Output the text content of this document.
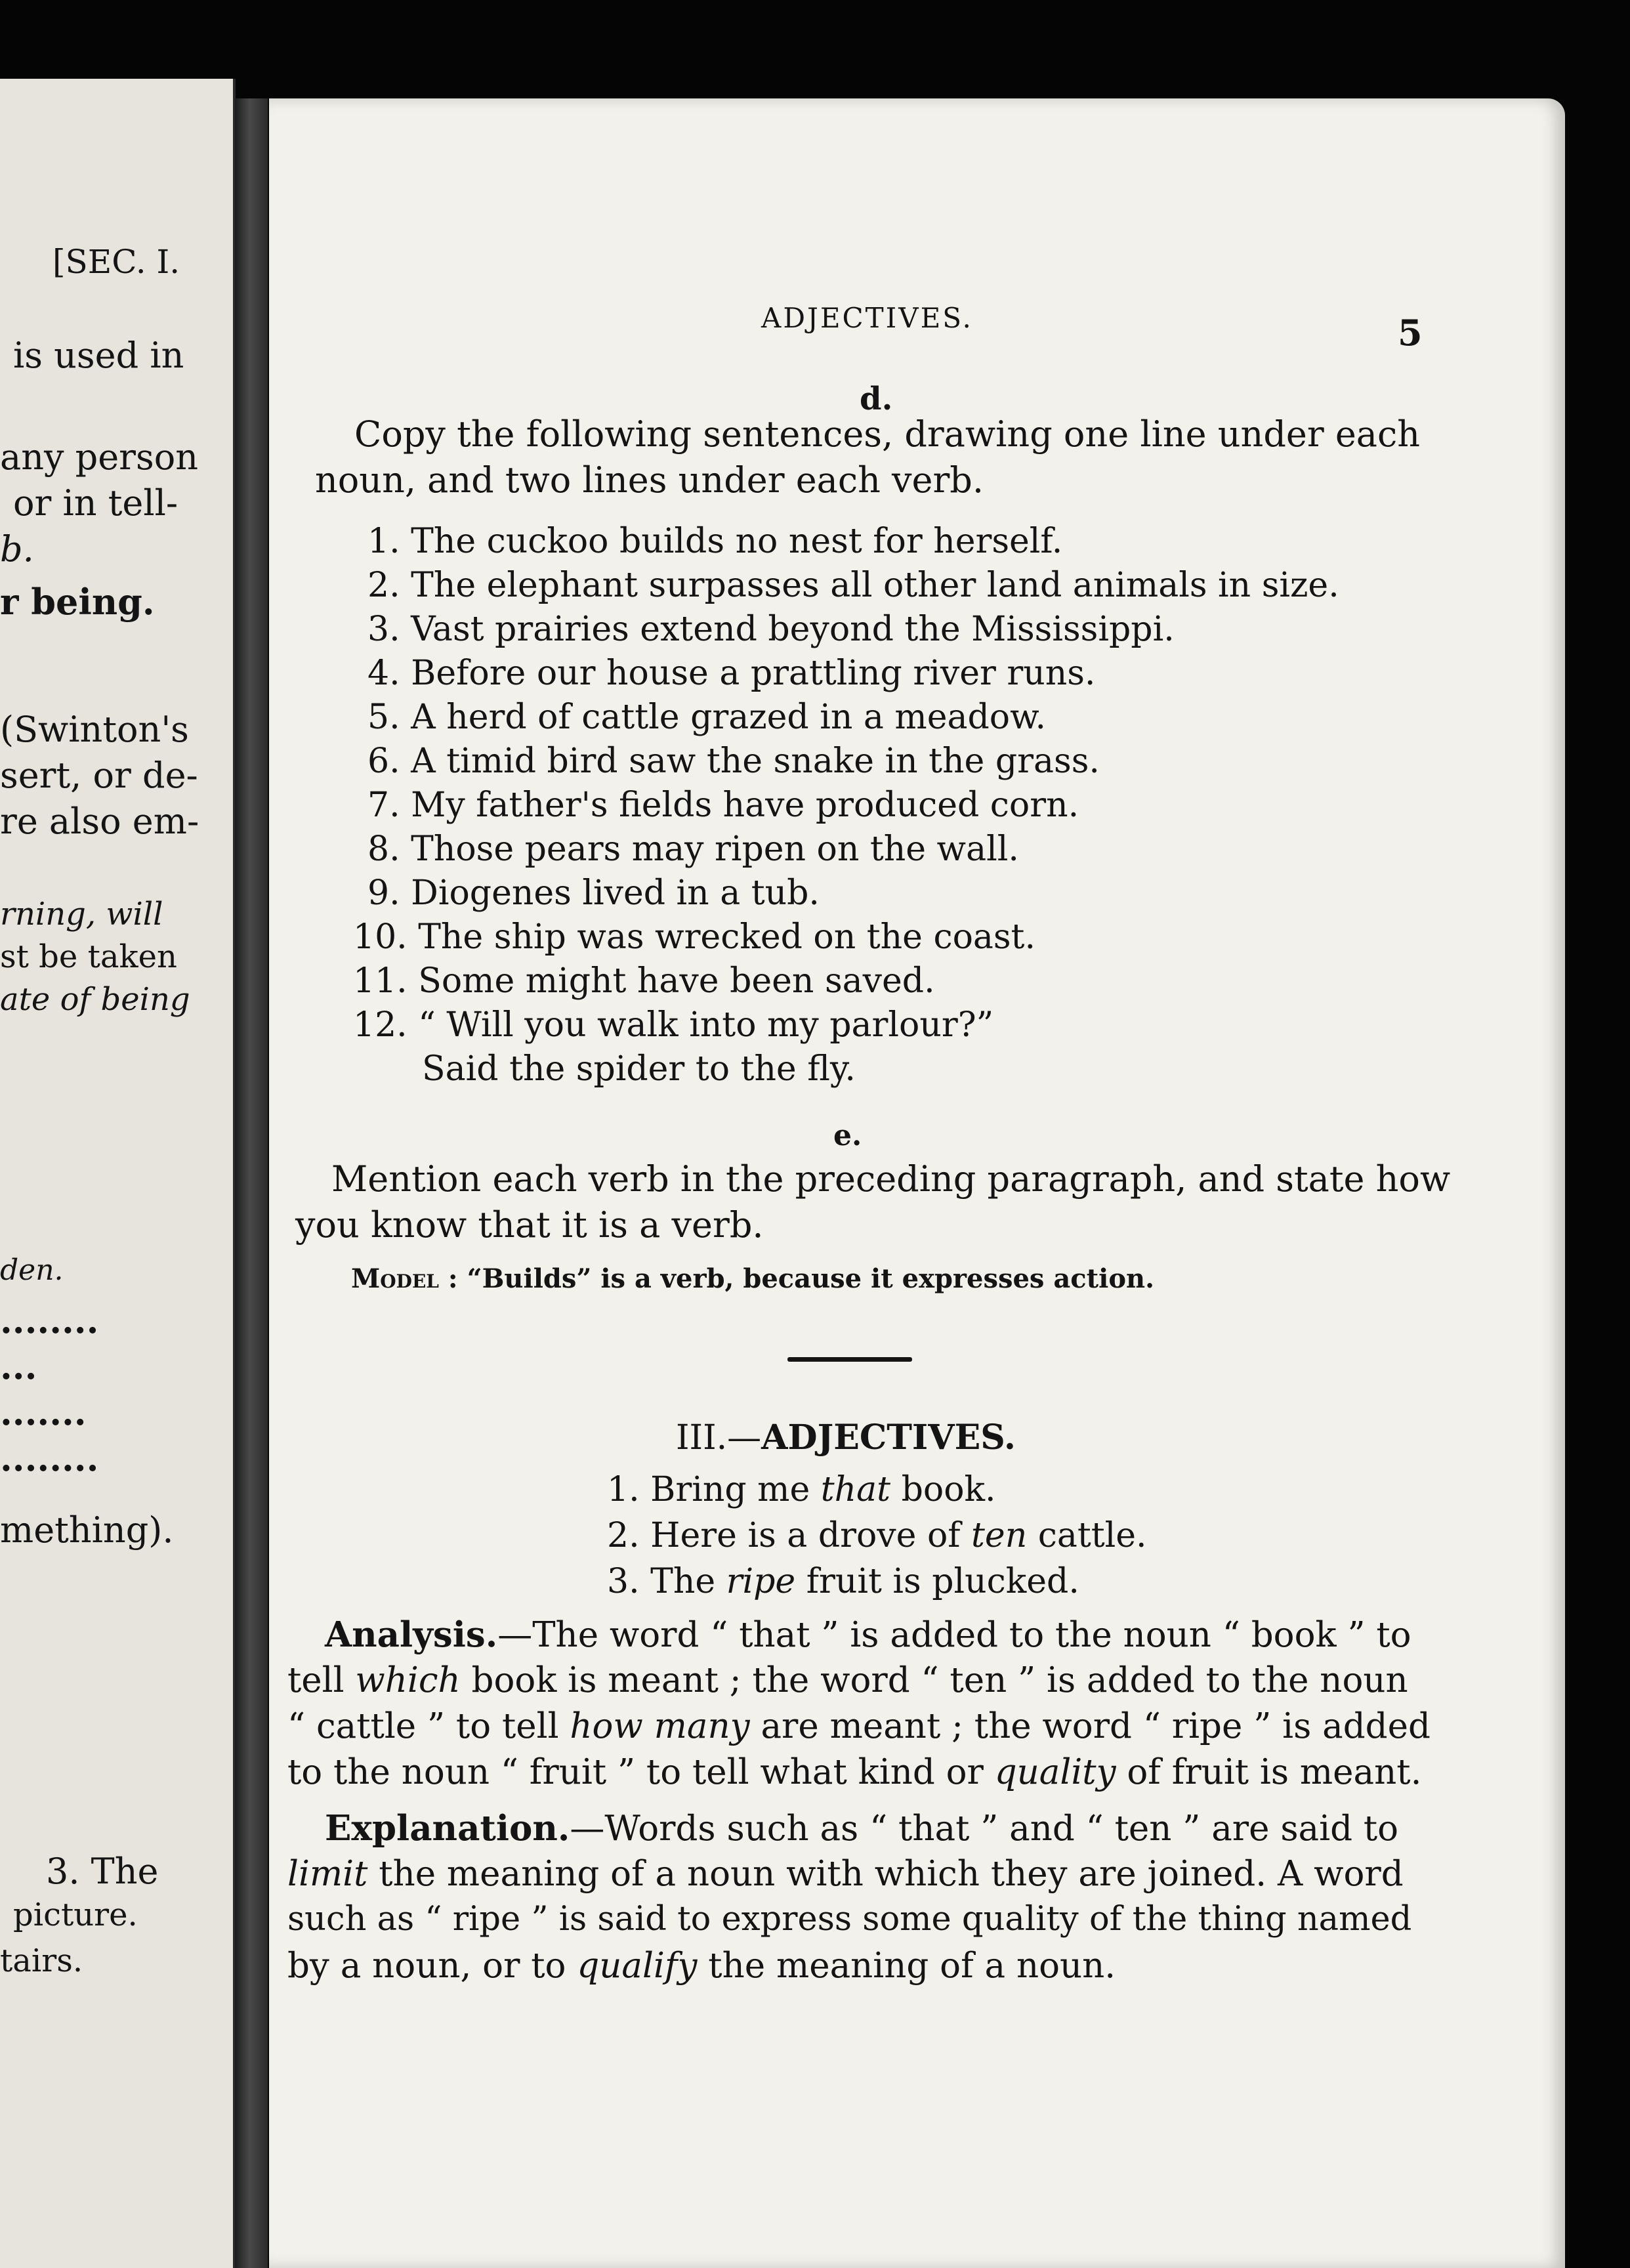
[SEC. I.
is used in
any person
or in tell-
b.
r being.
(Swinton's
sert, or de-
re also em-
rning, will
st be taken
ate of being
den.
........
...
.......
........
mething).
3. The
picture.
tairs.
ADJECTIVES.	5
d.
Copy the following sentences, drawing one line under each
noun, and two lines under each verb.
1. The cuckoo builds no nest for herself.
2. The elephant surpasses all other land animals in size.
3. Vast prairies extend beyond the Mississippi.
4. Before our house a prattling river runs.
5. A herd of cattle grazed in a meadow.
6. A timid bird saw the snake in the grass.
7. My father's fields have produced corn.
8. Those pears may ripen on the wall.
9. Diogenes lived in a tub.
10. The ship was wrecked on the coast.
11. Some might have been saved.
12. “ Will you walk into my parlour?”
Said the spider to the fly.
e.
Mention each verb in the preceding paragraph, and state how
you know that it is a verb.
Model : “Builds” is a verb, because it expresses action.
III.—ADJECTIVES.
1. Bring me that book.
2. Here is a drove of ten cattle.
3. The ripe fruit is plucked.
Analysis.—The word “ that ” is added to the noun “ book ” to
tell which book is meant ; the word “ ten ” is added to the noun
“ cattle ” to tell how many are meant ; the word “ ripe ” is added
to the noun “ fruit ” to tell what kind or quality of fruit is meant.
Explanation.—Words such as “ that ” and “ ten ” are said to
limit the meaning of a noun with which they are joined. A word
such as “ ripe ” is said to express some quality of the thing named
by a noun, or to qualify the meaning of a noun.
